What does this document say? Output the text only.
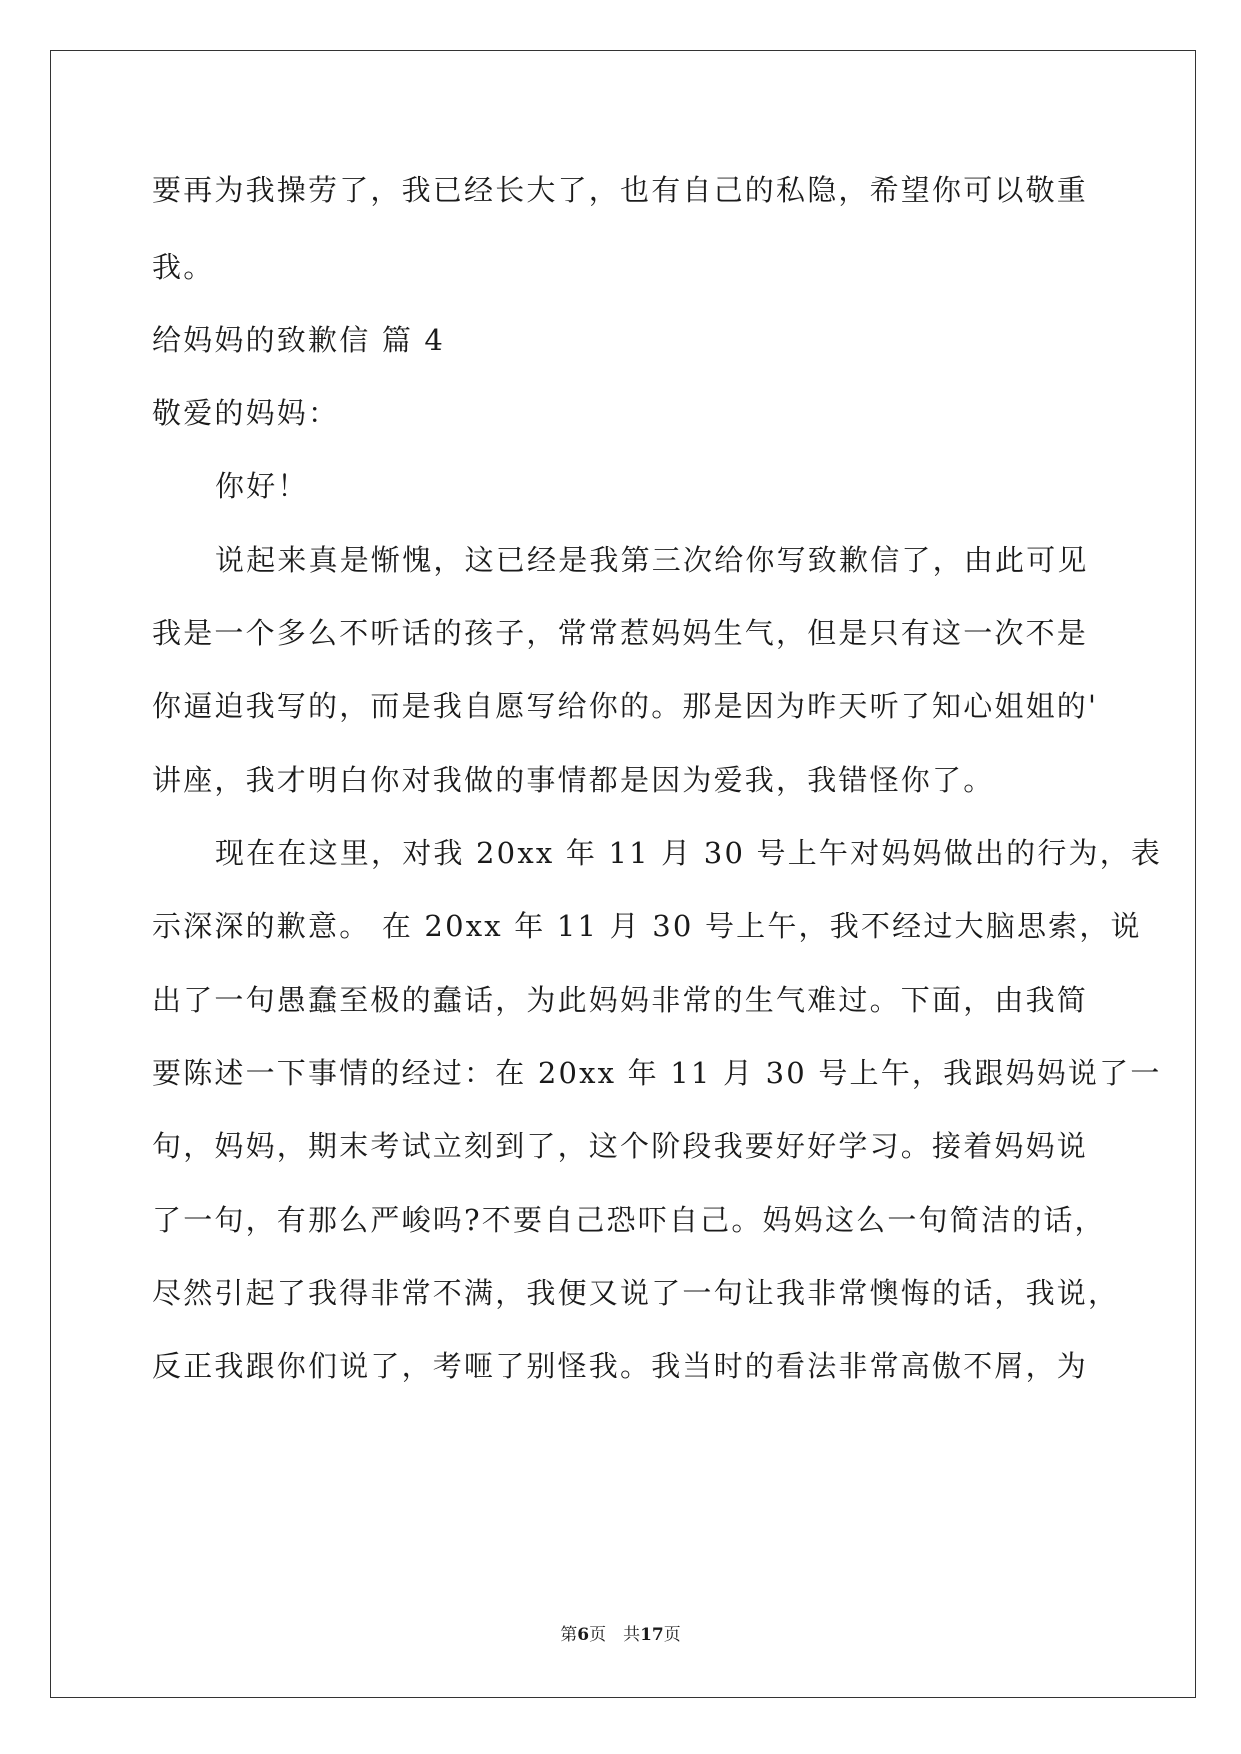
要再为我操劳了，我已经长大了，也有自己的私隐，希望你可以敬重
我。
给妈妈的致歉信 篇 4
敬爱的妈妈：
你好！
说起来真是惭愧，这已经是我第三次给你写致歉信了，由此可见
我是一个多么不听话的孩子，常常惹妈妈生气，但是只有这一次不是
你逼迫我写的，而是我自愿写给你的。那是因为昨天听了知心姐姐的'
讲座，我才明白你对我做的事情都是因为爱我，我错怪你了。
现在在这里，对我 20xx 年 11 月 30 号上午对妈妈做出的行为，表
示深深的歉意。 在 20xx 年 11 月 30 号上午，我不经过大脑思索，说
出了一句愚蠢至极的蠢话，为此妈妈非常的生气难过。下面，由我简
要陈述一下事情的经过：在 20xx 年 11 月 30 号上午，我跟妈妈说了一
句，妈妈，期末考试立刻到了，这个阶段我要好好学习。接着妈妈说
了一句，有那么严峻吗?不要自己恐吓自己。妈妈这么一句简洁的话，
尽然引起了我得非常不满，我便又说了一句让我非常懊悔的话，我说，
反正我跟你们说了，考咂了别怪我。我当时的看法非常高傲不屑，为
第6页　共17页
